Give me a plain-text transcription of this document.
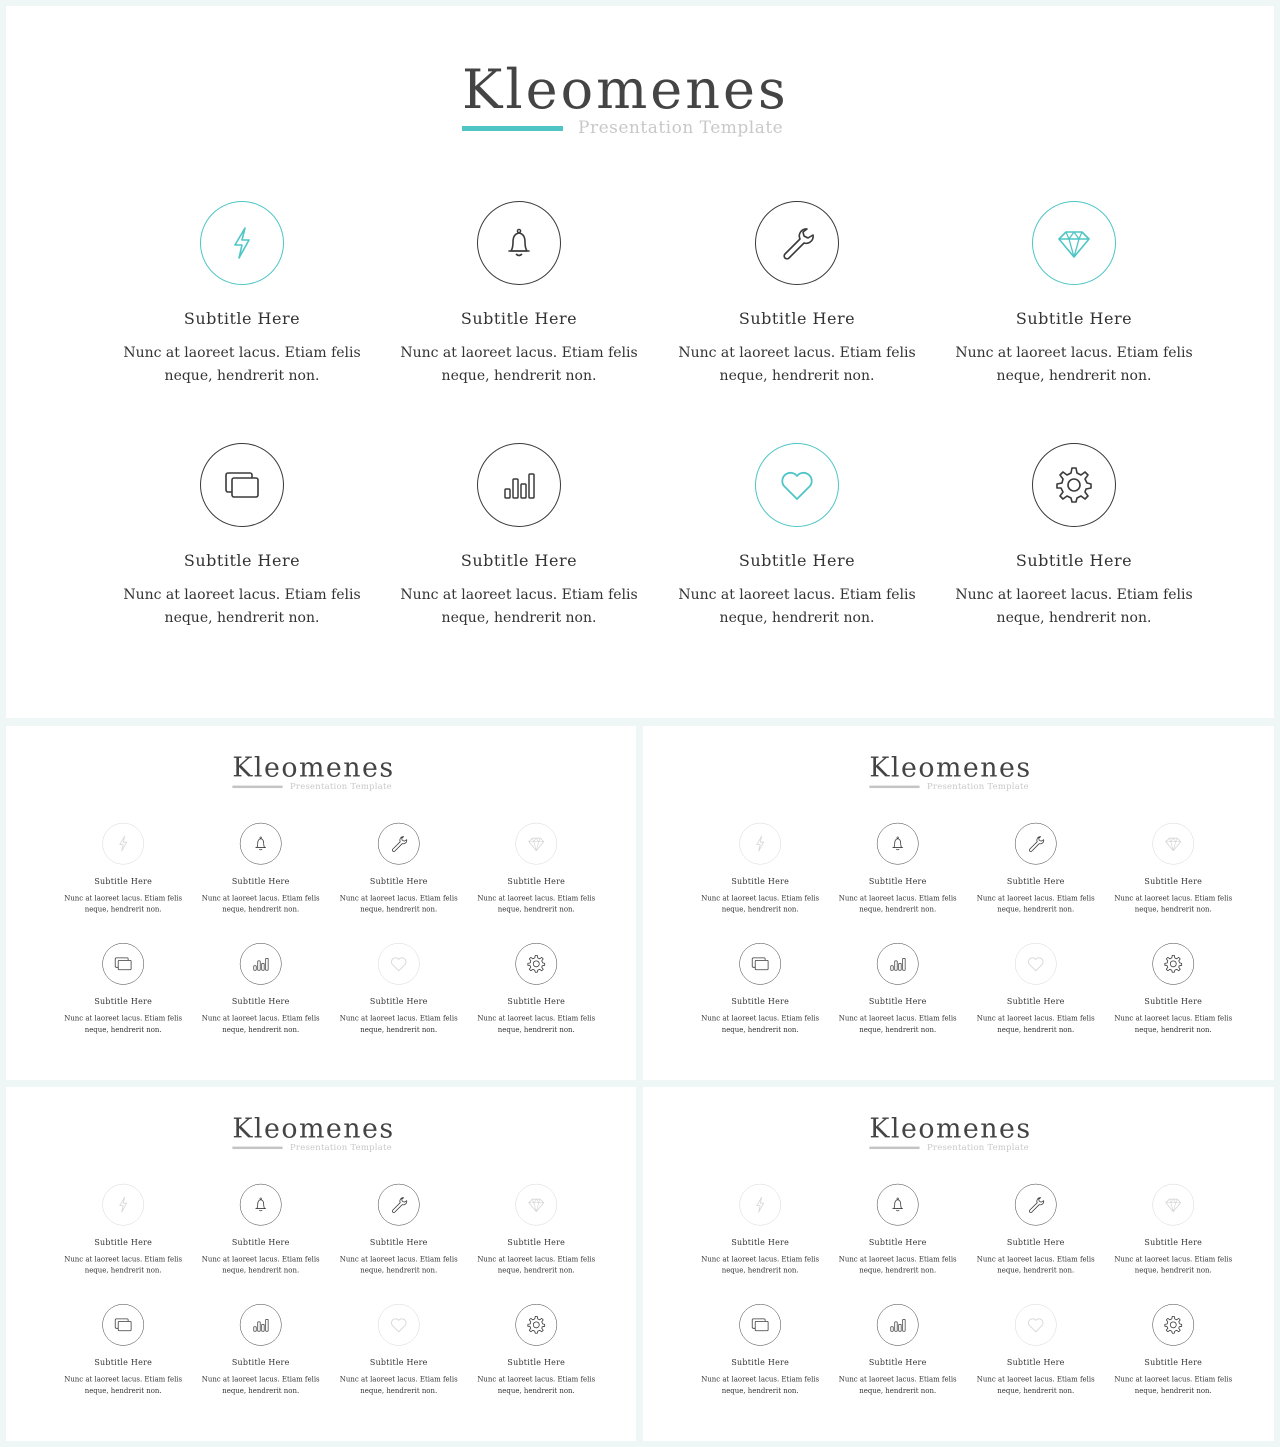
Kleomenes
Presentation Template
Subtitle Here
Nunc at laoreet lacus. Etiam felis neque, hendrerit non.
Subtitle Here
Nunc at laoreet lacus. Etiam felis neque, hendrerit non.
Subtitle Here
Nunc at laoreet lacus. Etiam felis neque, hendrerit non.
Subtitle Here
Nunc at laoreet lacus. Etiam felis neque, hendrerit non.
Subtitle Here
Nunc at laoreet lacus. Etiam felis neque, hendrerit non.
Subtitle Here
Nunc at laoreet lacus. Etiam felis neque, hendrerit non.
Subtitle Here
Nunc at laoreet lacus. Etiam felis neque, hendrerit non.
Subtitle Here
Nunc at laoreet lacus. Etiam felis neque, hendrerit non.
Kleomenes
Presentation Template
Subtitle Here
Nunc at laoreet lacus. Etiam felis neque, hendrerit non.
Subtitle Here
Nunc at laoreet lacus. Etiam felis neque, hendrerit non.
Subtitle Here
Nunc at laoreet lacus. Etiam felis neque, hendrerit non.
Subtitle Here
Nunc at laoreet lacus. Etiam felis neque, hendrerit non.
Subtitle Here
Nunc at laoreet lacus. Etiam felis neque, hendrerit non.
Subtitle Here
Nunc at laoreet lacus. Etiam felis neque, hendrerit non.
Subtitle Here
Nunc at laoreet lacus. Etiam felis neque, hendrerit non.
Subtitle Here
Nunc at laoreet lacus. Etiam felis neque, hendrerit non.
Kleomenes
Presentation Template
Subtitle Here
Nunc at laoreet lacus. Etiam felis neque, hendrerit non.
Subtitle Here
Nunc at laoreet lacus. Etiam felis neque, hendrerit non.
Subtitle Here
Nunc at laoreet lacus. Etiam felis neque, hendrerit non.
Subtitle Here
Nunc at laoreet lacus. Etiam felis neque, hendrerit non.
Subtitle Here
Nunc at laoreet lacus. Etiam felis neque, hendrerit non.
Subtitle Here
Nunc at laoreet lacus. Etiam felis neque, hendrerit non.
Subtitle Here
Nunc at laoreet lacus. Etiam felis neque, hendrerit non.
Subtitle Here
Nunc at laoreet lacus. Etiam felis neque, hendrerit non.
Kleomenes
Presentation Template
Subtitle Here
Nunc at laoreet lacus. Etiam felis neque, hendrerit non.
Subtitle Here
Nunc at laoreet lacus. Etiam felis neque, hendrerit non.
Subtitle Here
Nunc at laoreet lacus. Etiam felis neque, hendrerit non.
Subtitle Here
Nunc at laoreet lacus. Etiam felis neque, hendrerit non.
Subtitle Here
Nunc at laoreet lacus. Etiam felis neque, hendrerit non.
Subtitle Here
Nunc at laoreet lacus. Etiam felis neque, hendrerit non.
Subtitle Here
Nunc at laoreet lacus. Etiam felis neque, hendrerit non.
Subtitle Here
Nunc at laoreet lacus. Etiam felis neque, hendrerit non.
Kleomenes
Presentation Template
Subtitle Here
Nunc at laoreet lacus. Etiam felis neque, hendrerit non.
Subtitle Here
Nunc at laoreet lacus. Etiam felis neque, hendrerit non.
Subtitle Here
Nunc at laoreet lacus. Etiam felis neque, hendrerit non.
Subtitle Here
Nunc at laoreet lacus. Etiam felis neque, hendrerit non.
Subtitle Here
Nunc at laoreet lacus. Etiam felis neque, hendrerit non.
Subtitle Here
Nunc at laoreet lacus. Etiam felis neque, hendrerit non.
Subtitle Here
Nunc at laoreet lacus. Etiam felis neque, hendrerit non.
Subtitle Here
Nunc at laoreet lacus. Etiam felis neque, hendrerit non.
